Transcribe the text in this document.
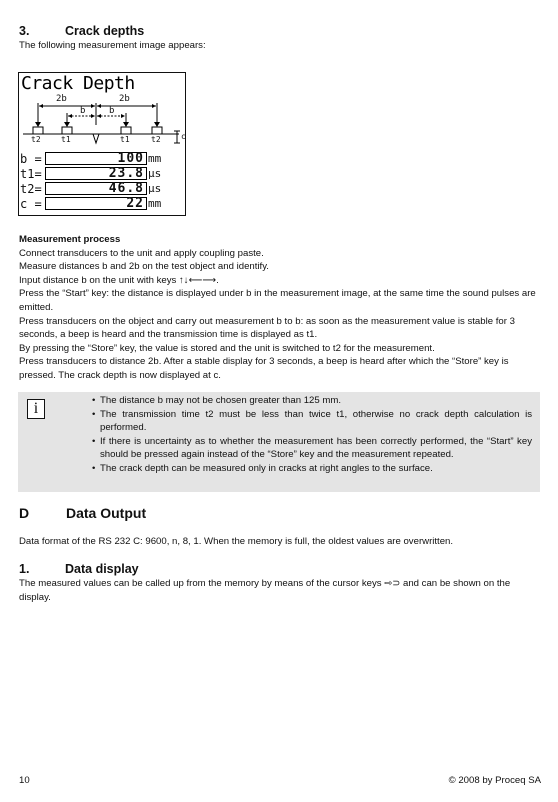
3.	Crack depths
The following measurement image appears:
Crack Depth
2b	2b
b	b
c
t2	t1	t1	t2
b =	100 mm
t1=	23.8 µs
t2=	46.8 µs
c =	22 mm

Measurement process

Connect transducers to the unit and apply coupling paste.

Measure distances b and 2b on the test object and identify.

Input distance b on the unit with keys ↑↓⟵⟶.

Press the “Start” key: the distance is displayed under b in the measurement image, at the same time the sound pulses are emitted.

Press transducers on the object and carry out measurement b to b: as soon as the measurement value is stable for 3 seconds, a beep is heard and the transmission time is displayed as t1.

By pressing the “Store” key, the value is stored and the unit is switched to t2 for the measurement.

Press transducers to distance 2b. After a stable display for 3 seconds, a beep is heard after which the “Store” key is pressed. The crack depth is now displayed at c.

i
•	The distance b may not be chosen greater than 125 mm.
• The transmission time t2 must be less than twice t1, otherwise no crack depth calculation is performed.
• If there is uncertainty as to whether the measurement has been correctly performed, the “Start” key should be pressed again instead of the “Store” key and the measurement repeated.
• The crack depth can be measured only in cracks at right angles to the surface.
D	Data Output
Data format of the RS 232 C: 9600, n, 8, 1. When the memory is full, the oldest values are overwritten.
1.	Data display
The measured values can be called up from the memory by means of the cursor keys ⇨⊃ and can be shown on the display.
10	© 2008 by Proceq SA
